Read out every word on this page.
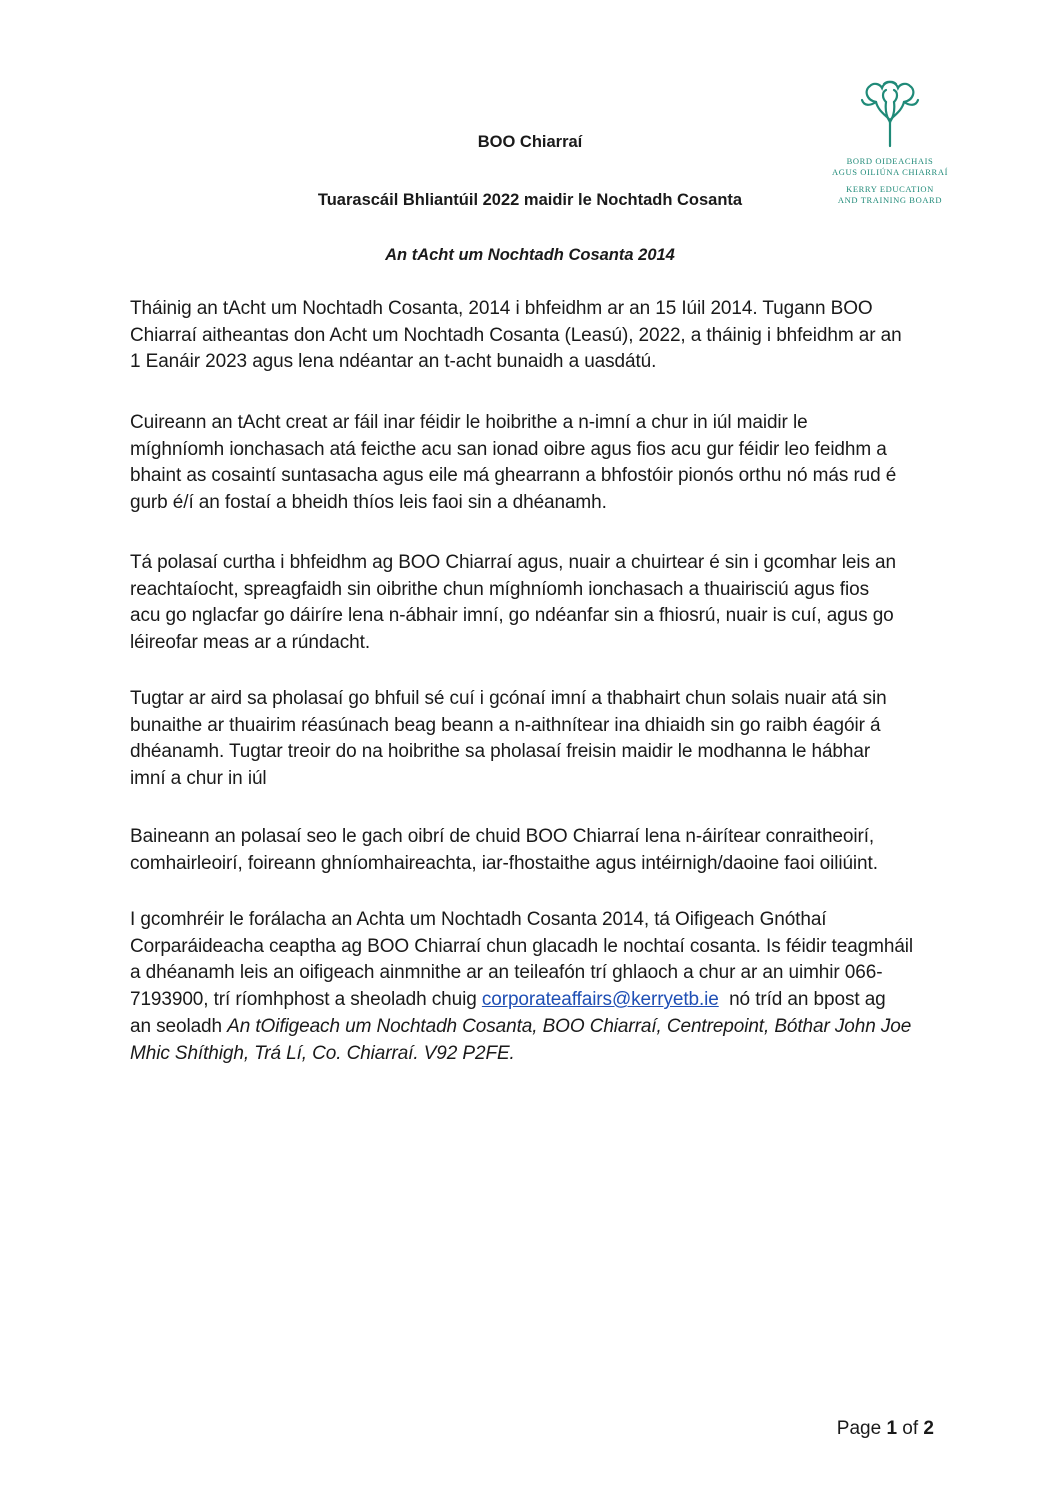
BORD OIDEACHAIS
AGUS OILIÚNA CHIARRAÍ
KERRY EDUCATION
AND TRAINING BOARD
BOO Chiarraí
Tuarascáil Bhliantúil 2022 maidir le Nochtadh Cosanta
An tAcht um Nochtadh Cosanta 2014
Tháinig an tAcht um Nochtadh Cosanta, 2014 i bhfeidhm ar an 15 Iúil 2014. Tugann BOO
Chiarraí aitheantas don Acht um Nochtadh Cosanta (Leasú), 2022, a tháinig i bhfeidhm ar an
1 Eanáir 2023 agus lena ndéantar an t-acht bunaidh a uasdátú.
Cuireann an tAcht creat ar fáil inar féidir le hoibrithe a n-imní a chur in iúl maidir le
míghníomh ionchasach atá feicthe acu san ionad oibre agus fios acu gur féidir leo feidhm a
bhaint as cosaintí suntasacha agus eile má ghearrann a bhfostóir pionós orthu nó más rud é
gurb é/í an fostaí a bheidh thíos leis faoi sin a dhéanamh.
Tá polasaí curtha i bhfeidhm ag BOO Chiarraí agus, nuair a chuirtear é sin i gcomhar leis an
reachtaíocht, spreagfaidh sin oibrithe chun míghníomh ionchasach a thuairisciú agus fios
acu go nglacfar go dáiríre lena n-ábhair imní, go ndéanfar sin a fhiosrú, nuair is cuí, agus go
léireofar meas ar a rúndacht.
Tugtar ar aird sa pholasaí go bhfuil sé cuí i gcónaí imní a thabhairt chun solais nuair atá sin
bunaithe ar thuairim réasúnach beag beann a n-aithnítear ina dhiaidh sin go raibh éagóir á
dhéanamh. Tugtar treoir do na hoibrithe sa pholasaí freisin maidir le modhanna le hábhar
imní a chur in iúl
Baineann an polasaí seo le gach oibrí de chuid BOO Chiarraí lena n-áirítear conraitheoirí,
comhairleoirí, foireann ghníomhaireachta, iar-fhostaithe agus intéirnigh/daoine faoi oiliúint.
I gcomhréir le forálacha an Achta um Nochtadh Cosanta 2014, tá Oifigeach Gnóthaí
Corparáideacha ceaptha ag BOO Chiarraí chun glacadh le nochtaí cosanta. Is féidir teagmháil
a dhéanamh leis an oifigeach ainmnithe ar an teileafón trí ghlaoch a chur ar an uimhir 066-
7193900, trí ríomhphost a sheoladh chuig corporateaffairs@kerryetb.ie  nó tríd an bpost ag
an seoladh An tOifigeach um Nochtadh Cosanta, BOO Chiarraí, Centrepoint, Bóthar John Joe
Mhic Shíthigh, Trá Lí, Co. Chiarraí. V92 P2FE.
Page 1 of 2
